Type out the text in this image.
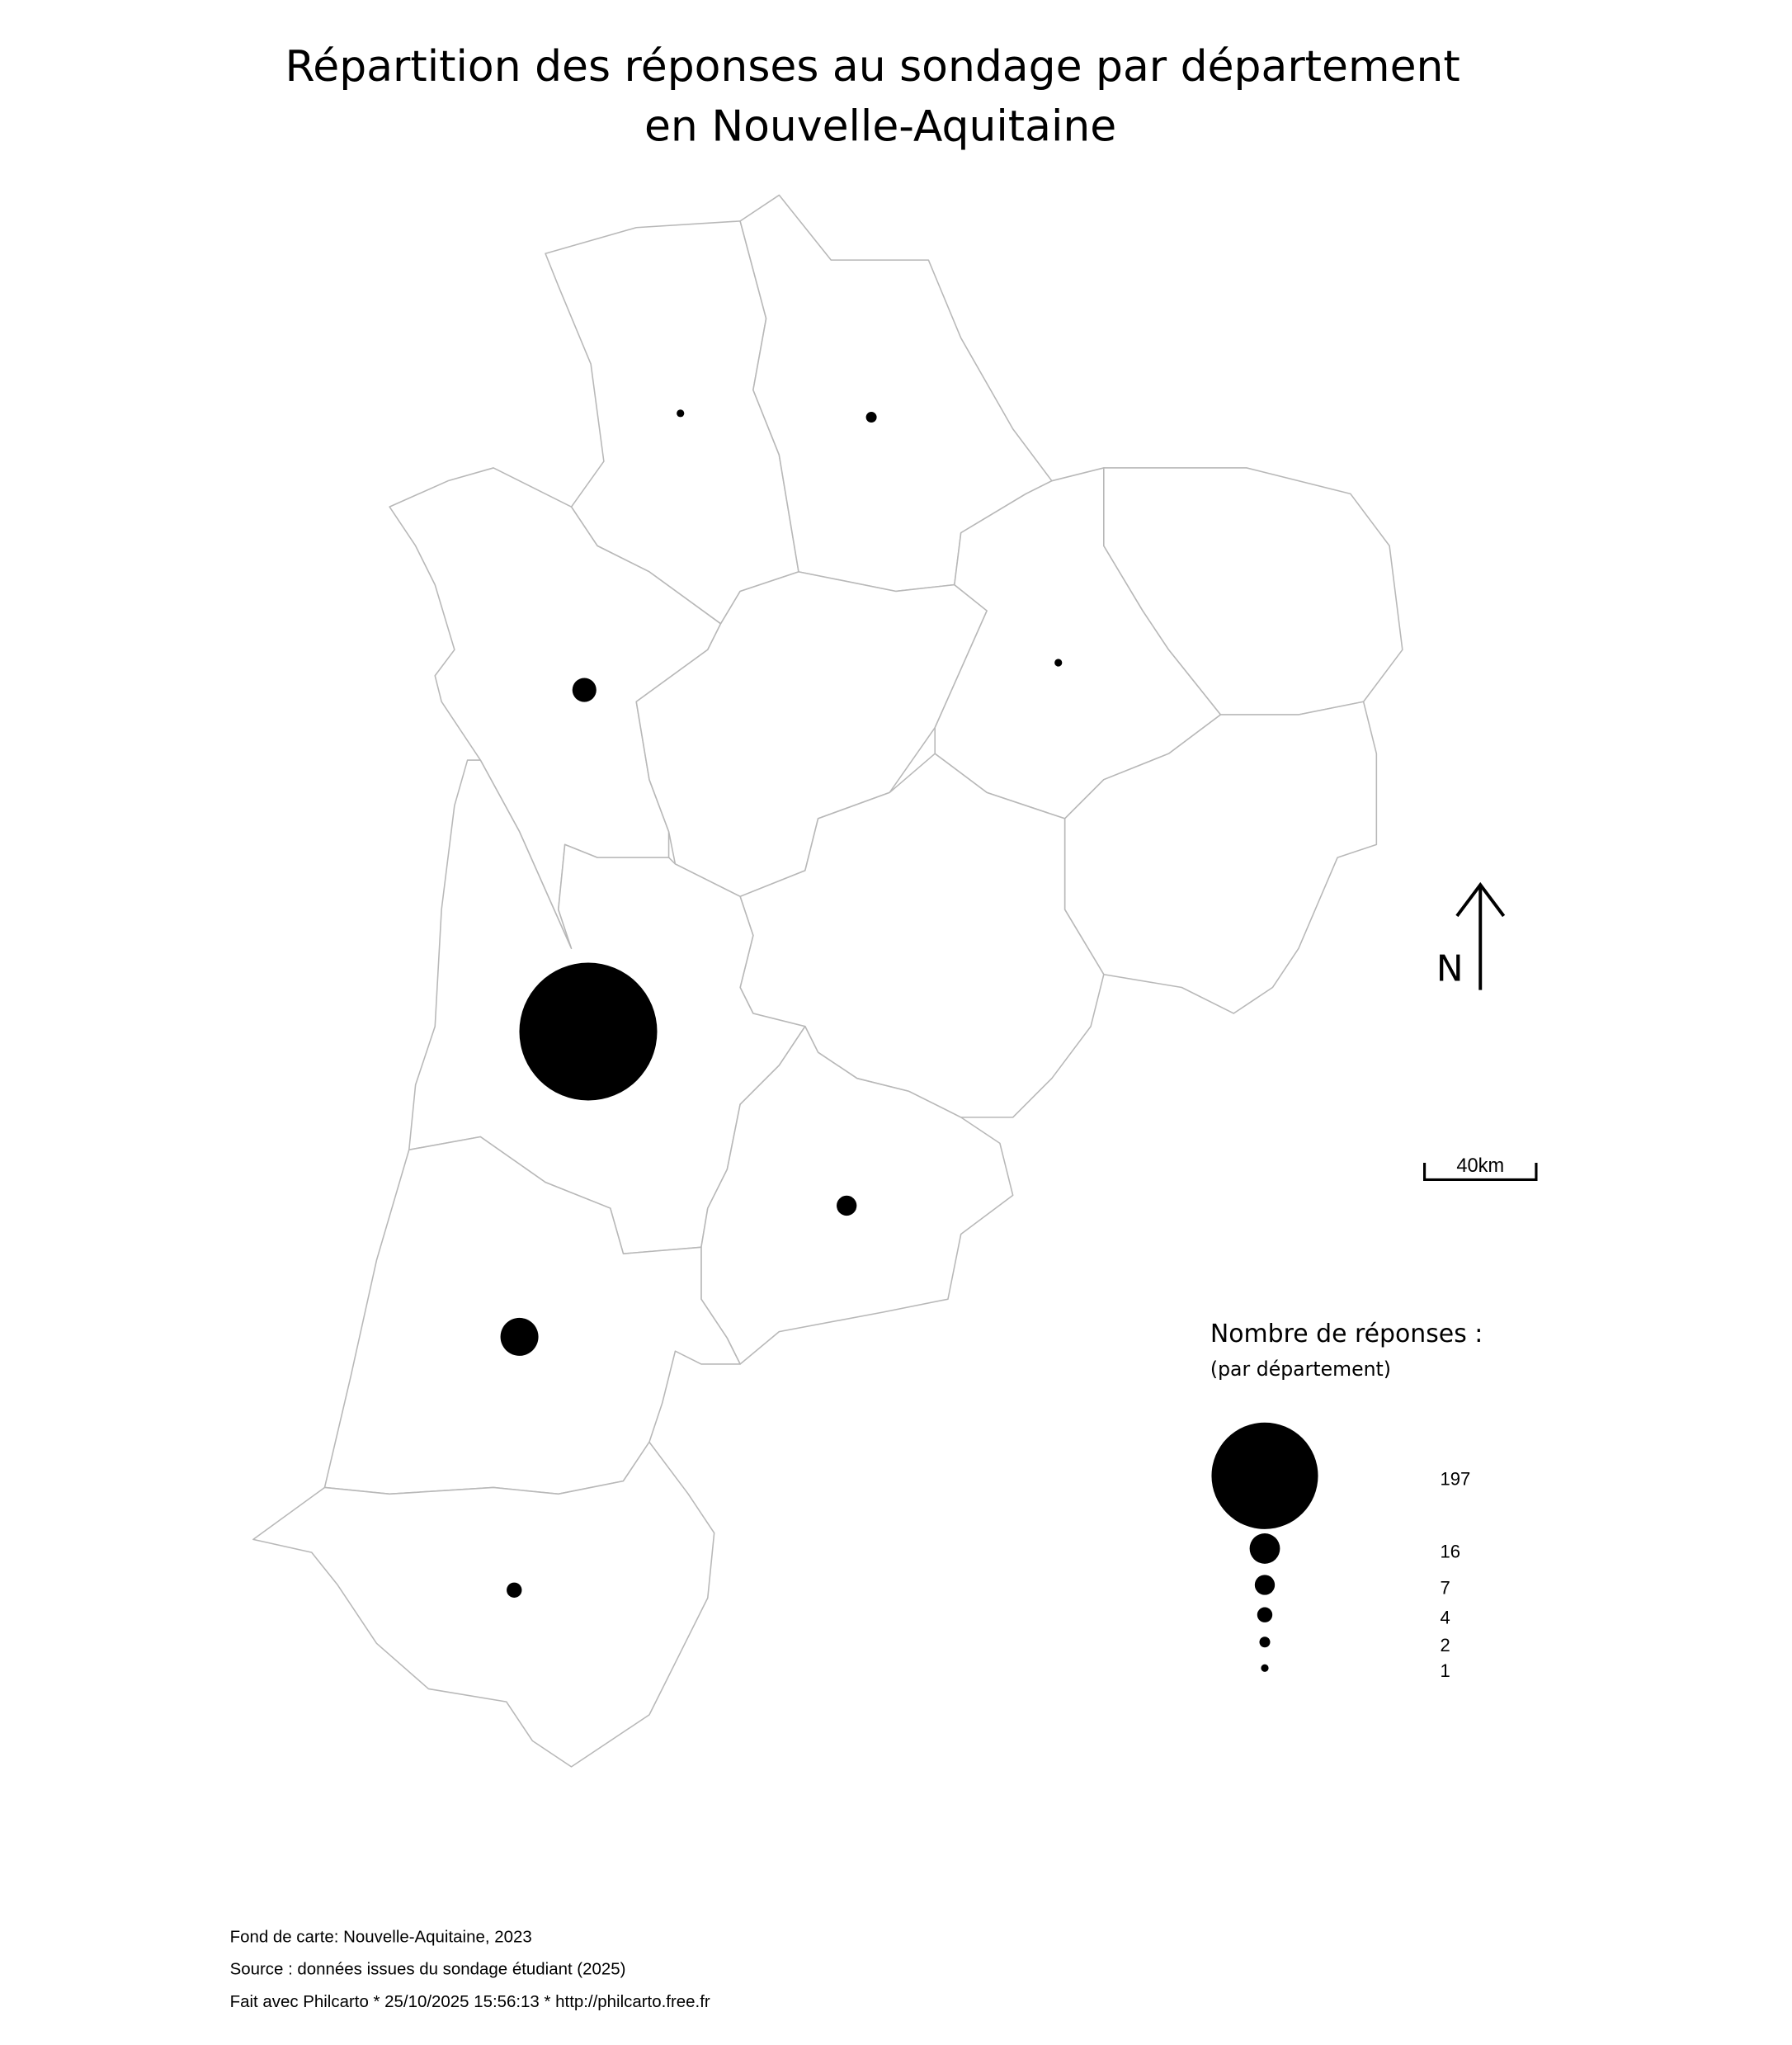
Répartition des réponses au sondage par département
en Nouvelle-Aquitaine
N
40km
Nombre de réponses :
(par département)
197
16
7
4
2
1
Fond de carte: Nouvelle-Aquitaine, 2023
Source : données issues du sondage étudiant (2025)
Fait avec Philcarto * 25/10/2025 15:56:13 * http://philcarto.free.fr
